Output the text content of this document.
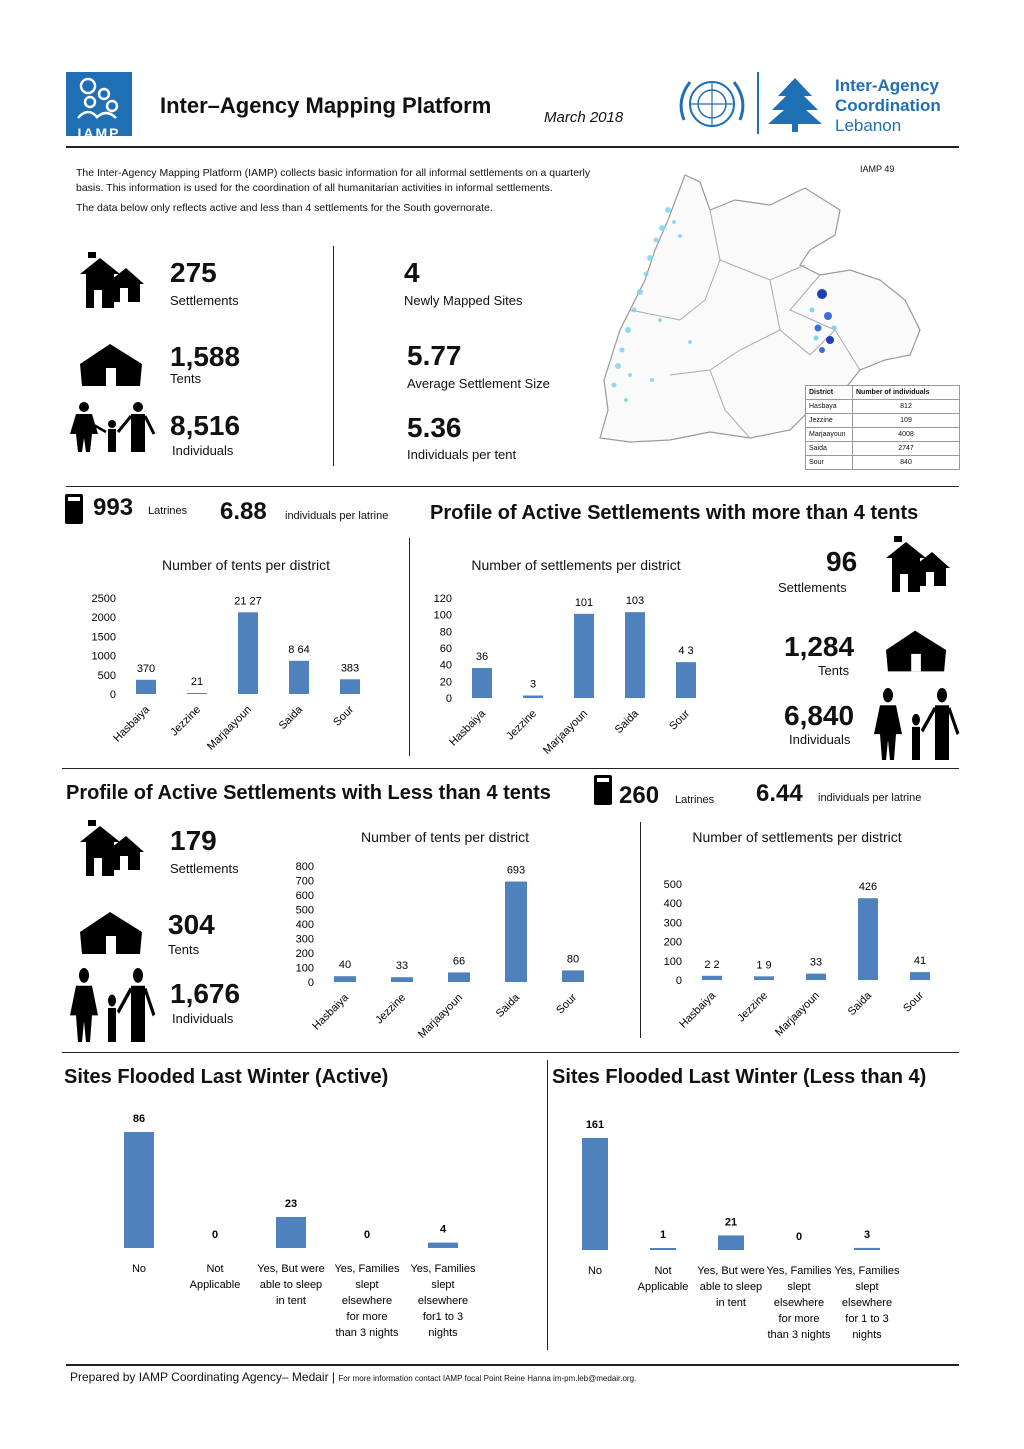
IAMP
Inter–Agency Mapping Platform	March 2018
Inter-Agency
Coordination
Lebanon

The Inter-Agency Mapping Platform (IAMP) collects basic information for all informal settlements on a quarterly basis. This information is used for the coordination of all humanitarian activities in informal settlements.

The data below only reflects active and less than 4 settlements for the South governorate.

IAMP 49
District	Number of individuals
Hasbaya	812
Jezzine	109
Marjaayoun	4008
Saida	2747
Sour	840
275
Settlements
1,588
Tents
8,516
Individuals
4
Newly Mapped Sites
5.77
Average Settlement Size
5.36
Individuals per tent
993 Latrines 6.88 individuals per latrine Profile of Active Settlements with more than 4 tents
Number of tents per district
2500
2000
1500
1000
500
0
370
Hasbaiya
21
Jezzine
21 27
Marjaayoun
8 64
Saida
383
Sour
Number of settlements per district
120
100
80
60
40
20
0
36
Hasbaiya
3
Jezzine
101
Marjaayoun
103
Saida
4 3
Sour
96
Settlements
1,284
Tents
6,840
Individuals
Profile of Active Settlements with Less than 4 tents	260 Latrines 6.44 individuals per latrine
179
Settlements
304
Tents
1,676
Individuals
Number of tents per district
800
700
600
500
400
300
200
100
0
40
Hasbaiya
33
Jezzine
66
Marjaayoun
693
Saida
80
Sour
Number of settlements per district
500
400
300
200
100
0
2 2
Hasbaiya
1 9
Jezzine
33
Marjaayoun
426
Saida
41
Sour
Sites Flooded Last Winter (Active)
86
No
0
Not Applicable
23
Yes, But were able to sleep in tent
0
Yes, Families slept elsewhere for more than 3 nights
4
Yes, Families slept elsewhere for1 to 3 nights
Sites Flooded Last Winter (Less than 4)
161
No
1
Not Applicable
21
Yes, But were able to sleep in tent
0
Yes, Families slept elsewhere for more than 3 nights
3
Yes, Families slept elsewhere for 1 to 3 nights
Prepared by IAMP Coordinating Agency– Medair | For more information contact IAMP focal Point Reine Hanna im-pm.leb@medair.org.
